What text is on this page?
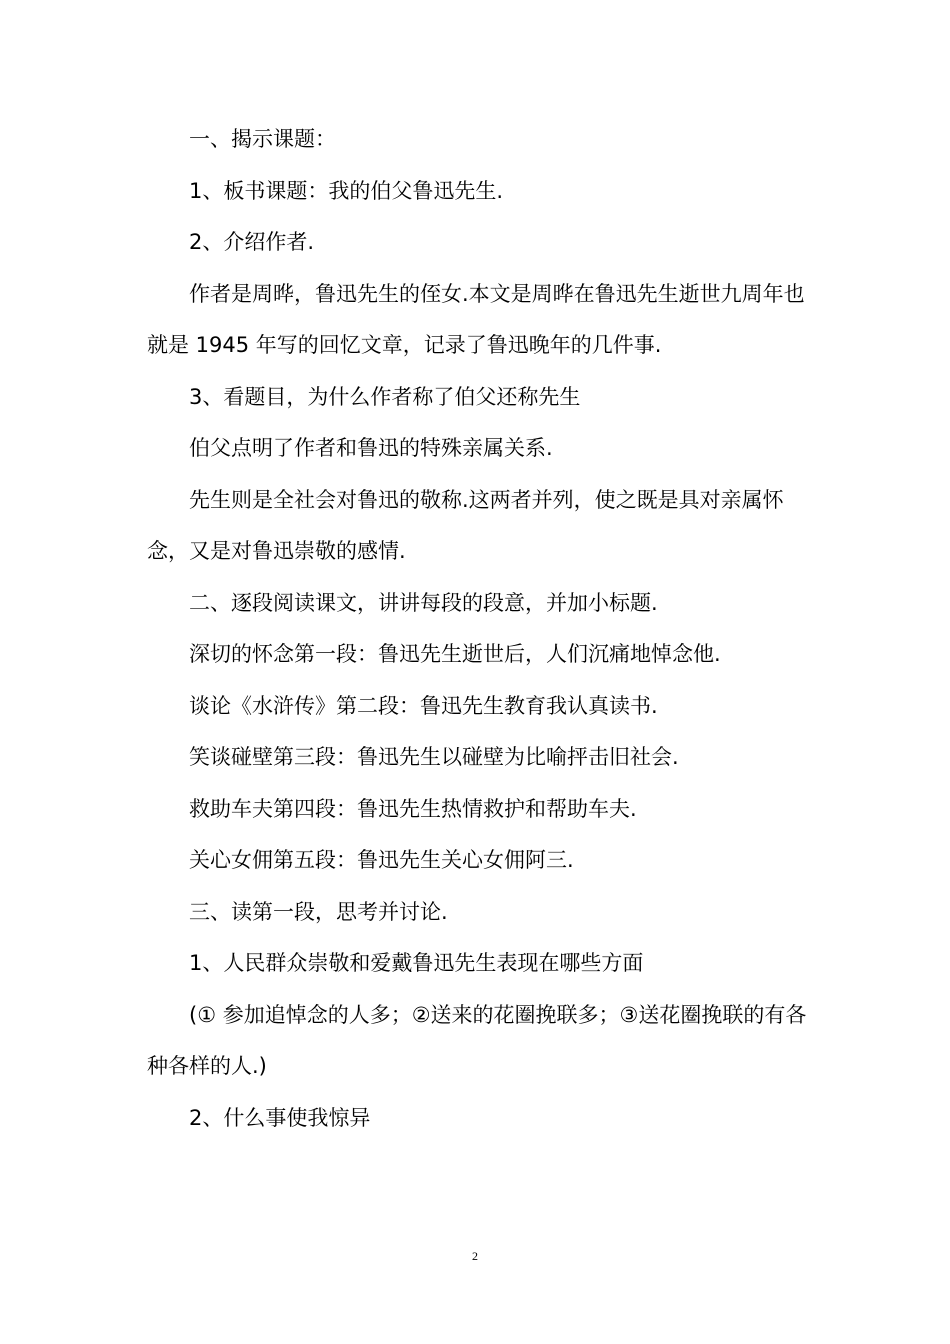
一、揭示课题：

1、板书课题：我的伯父鲁迅先生.

2、介绍作者.

作者是周晔，鲁迅先生的侄女.本文是周晔在鲁迅先生逝世九周年也就是 1945 年写的回忆文章，记录了鲁迅晚年的几件事.

3、看题目，为什么作者称了伯父还称先生

伯父点明了作者和鲁迅的特殊亲属关系.

先生则是全社会对鲁迅的敬称.这两者并列，使之既是具对亲属怀念，又是对鲁迅崇敬的感情.

二、逐段阅读课文，讲讲每段的段意，并加小标题.

深切的怀念第一段：鲁迅先生逝世后，人们沉痛地悼念他.

谈论《水浒传》第二段：鲁迅先生教育我认真读书.

笑谈碰壁第三段：鲁迅先生以碰壁为比喻抨击旧社会.

救助车夫第四段：鲁迅先生热情救护和帮助车夫.

关心女佣第五段：鲁迅先生关心女佣阿三.

三、读第一段，思考并讨论.

1、人民群众崇敬和爱戴鲁迅先生表现在哪些方面

(① 参加追悼念的人多；②送来的花圈挽联多；③送花圈挽联的有各种各样的人.)

2、什么事使我惊异

2
